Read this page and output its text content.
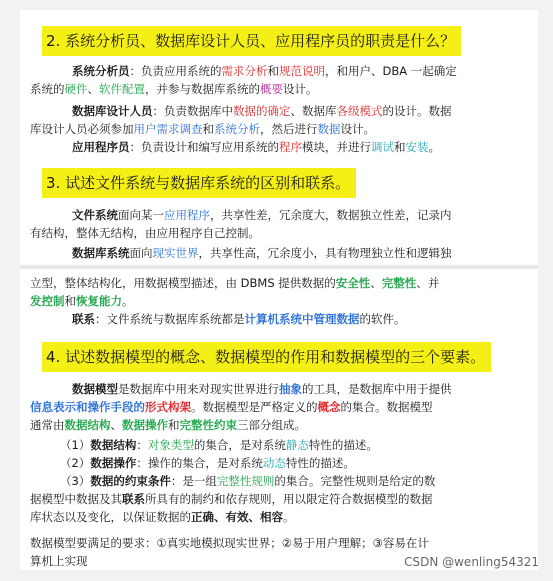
2. 系统分析员、数据库设计人员、应用程序员的职责是什么？
系统分析员：负责应用系统的需求分析和规范说明，和用户、DBA 一起确定
系统的硬件、软件配置，并参与数据库系统的概要设计。
数据库设计人员：负责数据库中数据的确定、数据库各级模式的设计。数据
库设计人员必须参加用户需求调查和系统分析，然后进行数据设计。
应用程序员：负责设计和编写应用系统的程序模块，并进行调试和安装。
3. 试述文件系统与数据库系统的区别和联系。
文件系统面向某一应用程序，共享性差，冗余度大，数据独立性差，记录内
有结构，整体无结构，由应用程序自己控制。
数据库系统面向现实世界，共享性高，冗余度小，具有物理独立性和逻辑独
立型，整体结构化，用数据模型描述，由 DBMS 提供数据的安全性、完整性、并
发控制和恢复能力。
联系：文件系统与数据库系统都是计算机系统中管理数据的软件。
4. 试述数据模型的概念、数据模型的作用和数据模型的三个要素。
数据模型是数据库中用来对现实世界进行抽象的工具，是数据库中用于提供
信息表示和操作手段的形式构架。数据模型是严格定义的概念的集合。数据模型
通常由数据结构、数据操作和完整性约束三部分组成。
（1）数据结构：对象类型的集合，是对系统静态特性的描述。
（2）数据操作：操作的集合，是对系统动态特性的描述。
（3）数据的约束条件：是一组完整性规则的集合。完整性规则是给定的数
据模型中数据及其联系所具有的制约和依存规则，用以限定符合数据模型的数据
库状态以及变化，以保证数据的正确、有效、相容。
数据模型要满足的要求：①真实地模拟现实世界；②易于用户理解；③容易在计
算机上实现	CSDN @wenling54321
